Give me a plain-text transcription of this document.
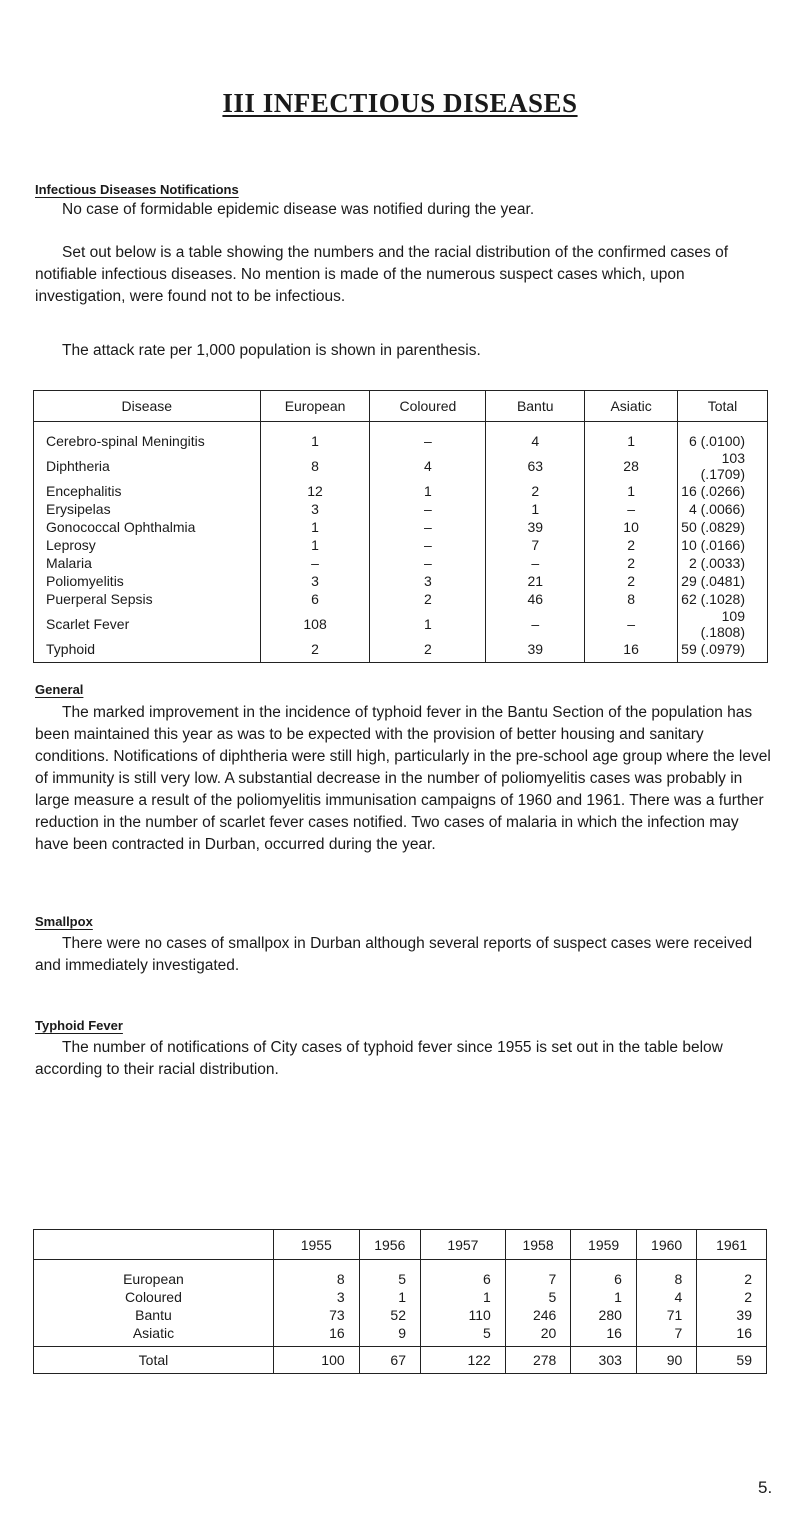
III INFECTIOUS DISEASES
Infectious Diseases Notifications

No case of formidable epidemic disease was notified during the year.

Set out below is a table showing the numbers and the racial distribution of the confirmed cases of notifiable infectious diseases. No mention is made of the numerous suspect cases which, upon investigation, were found not to be infectious.

The attack rate per 1,000 population is shown in parenthesis.

Disease	European	Coloured	Bantu	Asiatic	Total
Cerebro-spinal Meningitis	1	–	4	1	6 (.0100)
Diphtheria	8	4	63	28	103 (.1709)
Encephalitis	12	1	2	1	16 (.0266)
Erysipelas	3	–	1	–	4 (.0066)
Gonococcal Ophthalmia	1	–	39	10	50 (.0829)
Leprosy	1	–	7	2	10 (.0166)
Malaria	–	–	–	2	2 (.0033)
Poliomyelitis	3	3	21	2	29 (.0481)
Puerperal Sepsis	6	2	46	8	62 (.1028)
Scarlet Fever	108	1	–	–	109 (.1808)
Typhoid	2	2	39	16	59 (.0979)
General

The marked improvement in the incidence of typhoid fever in the Bantu Section of the population has been maintained this year as was to be expected with the provision of better housing and sanitary conditions. Notifications of diphtheria were still high, particularly in the pre-school age group where the level of immunity is still very low. A substantial decrease in the number of poliomyelitis cases was probably in large measure a result of the poliomyelitis immunisation campaigns of 1960 and 1961. There was a further reduction in the number of scarlet fever cases notified. Two cases of malaria in which the infection may have been contracted in Durban, occurred during the year.

Smallpox

There were no cases of smallpox in Durban although several reports of suspect cases were received and immediately investigated.

Typhoid Fever

The number of notifications of City cases of typhoid fever since 1955 is set out in the table below according to their racial distribution.

	1955	1956	1957	1958	1959	1960	1961
European	8	5	6	7	6	8	2
Coloured	3	1	1	5	1	4	2
Bantu	73	52	110	246	280	71	39
Asiatic	16	9	5	20	16	7	16
Total	100	67	122	278	303	90	59
5.
